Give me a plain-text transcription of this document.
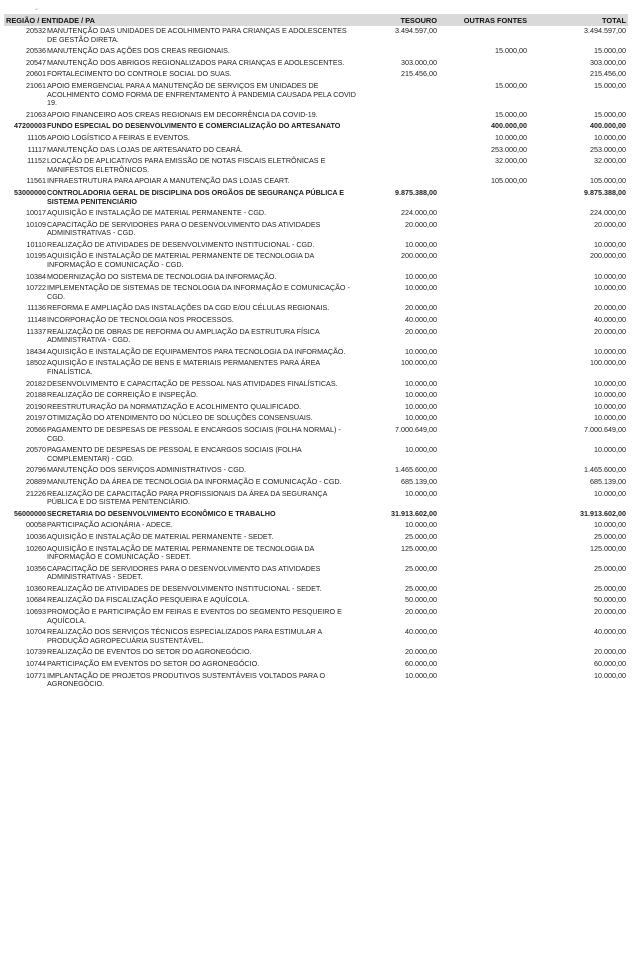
⌄
REGIÃO / ENTIDADE / PA		TESOURO	OUTRAS FONTES	TOTAL
20532	MANUTENÇÃO DAS UNIDADES DE ACOLHIMENTO PARA CRIANÇAS E ADOLESCENTES DE GESTÃO DIRETA.	3.494.597,00		3.494.597,00
20536	MANUTENÇÃO DAS AÇÕES DOS CREAS REGIONAIS.		15.000,00	15.000,00
20547	MANUTENÇÃO DOS ABRIGOS REGIONALIZADOS PARA CRIANÇAS E ADOLESCENTES.	303.000,00		303.000,00
20601	FORTALECIMENTO DO CONTROLE SOCIAL DO SUAS.	215.456,00		215.456,00
21061	APOIO EMERGENCIAL PARA A MANUTENÇÃO DE SERVIÇOS EM UNIDADES DE ACOLHIMENTO COMO FORMA DE ENFRENTAMENTO À PANDEMIA CAUSADA PELA COVID 19.		15.000,00	15.000,00
21063	APOIO FINANCEIRO AOS CREAS REGIONAIS EM DECORRÊNCIA DA COVID-19.		15.000,00	15.000,00
47200003	FUNDO ESPECIAL DO DESENVOLVIMENTO E COMERCIALIZAÇÃO DO ARTESANATO		400.000,00	400.000,00
11105	APOIO LOGÍSTICO A FEIRAS E EVENTOS.		10.000,00	10.000,00
11117	MANUTENÇÃO DAS LOJAS DE ARTESANATO DO CEARÁ.		253.000,00	253.000,00
11152	LOCAÇÃO DE APLICATIVOS PARA EMISSÃO DE NOTAS FISCAIS ELETRÔNICAS E MANIFESTOS ELETRÔNICOS.		32.000,00	32.000,00
11561	INFRAESTRUTURA PARA APOIAR A MANUTENÇÃO DAS LOJAS CEART.		105.000,00	105.000,00
53000000	CONTROLADORIA GERAL DE DISCIPLINA DOS ORGÃOS DE SEGURANÇA PÚBLICA E SISTEMA PENITENCIÁRIO	9.875.388,00		9.875.388,00
10017	AQUISIÇÃO E INSTALAÇÃO DE MATERIAL PERMANENTE - CGD.	224.000,00		224.000,00
10109	CAPACITAÇÃO DE SERVIDORES PARA O DESENVOLVIMENTO DAS ATIVIDADES ADMINISTRATIVAS - CGD.	20.000,00		20.000,00
10110	REALIZAÇÃO DE ATIVIDADES DE DESENVOLVIMENTO INSTITUCIONAL - CGD.	10.000,00		10.000,00
10195	AQUISIÇÃO E INSTALAÇÃO DE MATERIAL PERMANENTE DE TECNOLOGIA DA INFORMAÇÃO E COMUNICAÇÃO - CGD.	200.000,00		200.000,00
10384	MODERNIZAÇÃO DO SISTEMA DE TECNOLOGIA DA INFORMAÇÃO.	10.000,00		10.000,00
10722	IMPLEMENTAÇÃO DE SISTEMAS DE TECNOLOGIA DA INFORMAÇÃO E COMUNICAÇÃO - CGD.	10.000,00		10.000,00
11136	REFORMA E AMPLIAÇÃO DAS INSTALAÇÕES DA CGD E/OU CÉLULAS REGIONAIS.	20.000,00		20.000,00
11148	INCORPORAÇÃO DE TECNOLOGIA NOS PROCESSOS.	40.000,00		40.000,00
11337	REALIZAÇÃO DE OBRAS DE REFORMA OU AMPLIAÇÃO DA ESTRUTURA FÍSICA ADMINISTRATIVA - CGD.	20.000,00		20.000,00
18434	AQUISIÇÃO E INSTALAÇÃO DE EQUIPAMENTOS PARA TECNOLOGIA DA INFORMAÇÃO.	10.000,00		10.000,00
18502	AQUISIÇÃO E INSTALAÇÃO DE BENS E MATERIAIS PERMANENTES PARA ÁREA FINALÍSTICA.	100.000,00		100.000,00
20182	DESENVOLVIMENTO E CAPACITAÇÃO DE PESSOAL NAS ATIVIDADES FINALÍSTICAS.	10.000,00		10.000,00
20188	REALIZAÇÃO DE CORREIÇÃO E INSPEÇÃO.	10.000,00		10.000,00
20190	REESTRUTURAÇÃO DA NORMATIZAÇÃO E ACOLHIMENTO QUALIFICADO.	10.000,00		10.000,00
20197	OTIMIZAÇÃO DO ATENDIMENTO DO NÚCLEO DE SOLUÇÕES CONSENSUAIS.	10.000,00		10.000,00
20566	PAGAMENTO DE DESPESAS DE PESSOAL E ENCARGOS SOCIAIS (FOLHA NORMAL) - CGD.	7.000.649,00		7.000.649,00
20570	PAGAMENTO DE DESPESAS DE PESSOAL E ENCARGOS SOCIAIS (FOLHA COMPLEMENTAR) - CGD.	10.000,00		10.000,00
20796	MANUTENÇÃO DOS SERVIÇOS ADMINISTRATIVOS - CGD.	1.465.600,00		1.465.600,00
20889	MANUTENÇÃO DA ÁREA DE TECNOLOGIA DA INFORMAÇÃO E COMUNICAÇÃO - CGD.	685.139,00		685.139,00
21226	REALIZAÇÃO DE CAPACITAÇÃO PARA PROFISSIONAIS DA ÁREA DA SEGURANÇA PÚBLICA E DO SISTEMA PENITENCIÁRIO.	10.000,00		10.000,00
56000000	SECRETARIA DO DESENVOLVIMENTO ECONÔMICO E TRABALHO	31.913.602,00		31.913.602,00
00058	PARTICIPAÇÃO ACIONÁRIA - ADECE.	10.000,00		10.000,00
10036	AQUISIÇÃO E INSTALAÇÃO DE MATERIAL PERMANENTE - SEDET.	25.000,00		25.000,00
10260	AQUISIÇÃO E INSTALAÇÃO DE MATERIAL PERMANENTE DE TECNOLOGIA DA INFORMAÇÃO E COMUNICAÇÃO - SEDET.	125.000,00		125.000,00
10356	CAPACITAÇÃO DE SERVIDORES PARA O DESENVOLVIMENTO DAS ATIVIDADES ADMINISTRATIVAS - SEDET.	25.000,00		25.000,00
10360	REALIZAÇÃO DE ATIVIDADES DE DESENVOLVIMENTO INSTITUCIONAL - SEDET.	25.000,00		25.000,00
10684	REALIZAÇÃO DA FISCALIZAÇÃO PESQUEIRA E AQUÍCOLA.	50.000,00		50.000,00
10693	PROMOÇÃO E PARTICIPAÇÃO EM FEIRAS E EVENTOS DO SEGMENTO PESQUEIRO E AQUÍCOLA.	20.000,00		20.000,00
10704	REALIZAÇÃO DOS SERVIÇOS TÉCNICOS ESPECIALIZADOS PARA ESTIMULAR A PRODUÇÃO AGROPECUÁRIA SUSTENTÁVEL.	40.000,00		40.000,00
10739	REALIZAÇÃO DE EVENTOS DO SETOR DO AGRONEGÓCIO.	20.000,00		20.000,00
10744	PARTICIPAÇÃO EM EVENTOS DO SETOR DO AGRONEGÓCIO.	60.000,00		60.000,00
10771	IMPLANTAÇÃO DE PROJETOS PRODUTIVOS SUSTENTÁVEIS VOLTADOS PARA O AGRONEGÓCIO.	10.000,00		10.000,00
